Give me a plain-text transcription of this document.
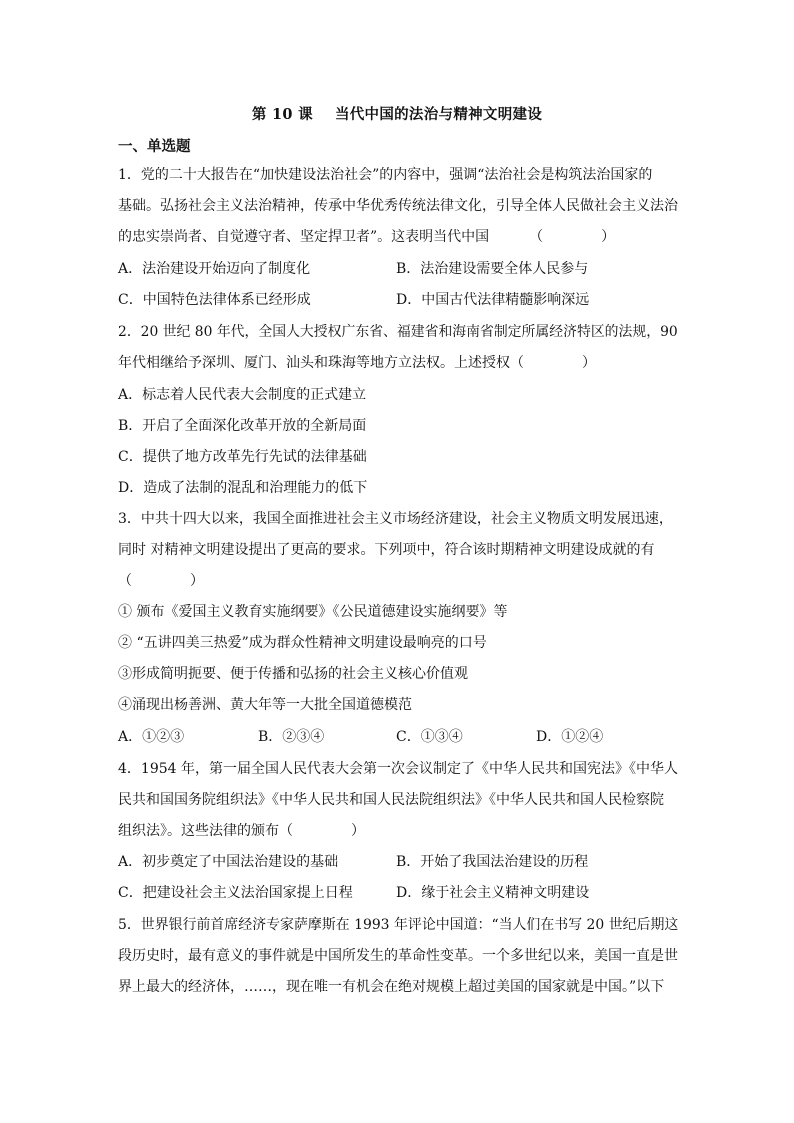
第 10 课 当代中国的法治与精神文明建设
一、单选题
1．党的二十大报告在“加快建设法治社会”的内容中，强调“法治社会是构筑法治国家的
基础。弘扬社会主义法治精神，传承中华优秀传统法律文化，引导全体人民做社会主义法治
的忠实崇尚者、自觉遵守者、坚定捍卫者”。这表明当代中国	（	）
A．法治建设开始迈向了制度化	B．法治建设需要全体人民参与
C．中国特色法律体系已经形成	D．中国古代法律精髓影响深远
2．20 世纪 80 年代，全国人大授权广东省、福建省和海南省制定所属经济特区的法规，90
年代相继给予深圳、厦门、汕头和珠海等地方立法权。上述授权（	）
A．标志着人民代表大会制度的正式建立
B．开启了全面深化改革开放的全新局面
C．提供了地方改革先行先试的法律基础
D．造成了法制的混乱和治理能力的低下
3．中共十四大以来，我国全面推进社会主义市场经济建设，社会主义物质文明发展迅速，
同时 对精神文明建设提出了更高的要求。下列项中，符合该时期精神文明建设成就的有
（	）
① 颁布《爱国主义教育实施纲要》《公民道德建设实施纲要》等
② “五讲四美三热爱”成为群众性精神文明建设最响亮的口号
③形成简明扼要、便于传播和弘扬的社会主义核心价值观
④涌现出杨善洲、黄大年等一大批全国道德模范
A．①②③	B．②③④	C．①③④	D．①②④
4．1954 年，第一届全国人民代表大会第一次会议制定了《中华人民共和国宪法》《中华人
民共和国国务院组织法》《中华人民共和国人民法院组织法》《中华人民共和国人民检察院
组织法》。这些法律的颁布（	）
A．初步奠定了中国法治建设的基础	B．开始了我国法治建设的历程
C．把建设社会主义法治国家提上日程	D．缘于社会主义精神文明建设
5．世界银行前首席经济专家萨摩斯在 1993 年评论中国道：“当人们在书写 20 世纪后期这
段历史时，最有意义的事件就是中国所发生的革命性变革。一个多世纪以来，美国一直是世
界上最大的经济体，……，现在唯一有机会在绝对规模上超过美国的国家就是中国。”以下
